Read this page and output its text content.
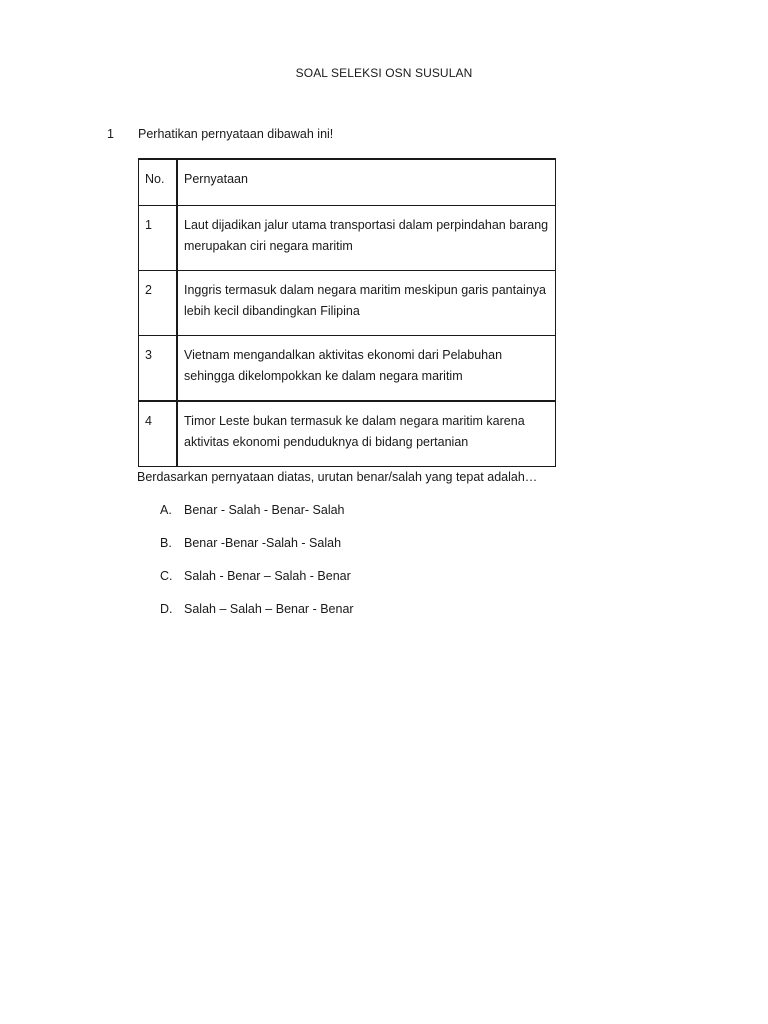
SOAL SELEKSI OSN SUSULAN
1 Perhatikan pernyataan dibawah ini!
No.	Pernyataan
1	Laut dijadikan jalur utama transportasi dalam perpindahan barang merupakan ciri negara maritim
2	Inggris termasuk dalam negara maritim meskipun garis pantainya lebih kecil dibandingkan Filipina
3	Vietnam mengandalkan aktivitas ekonomi dari Pelabuhan sehingga dikelompokkan ke dalam negara maritim
4	Timor Leste bukan termasuk ke dalam negara maritim karena aktivitas ekonomi penduduknya di bidang pertanian
Berdasarkan pernyataan diatas, urutan benar/salah yang tepat adalah…
A. Benar - Salah - Benar- Salah
B. Benar -Benar -Salah - Salah
C. Salah - Benar – Salah - Benar
D. Salah – Salah – Benar - Benar
